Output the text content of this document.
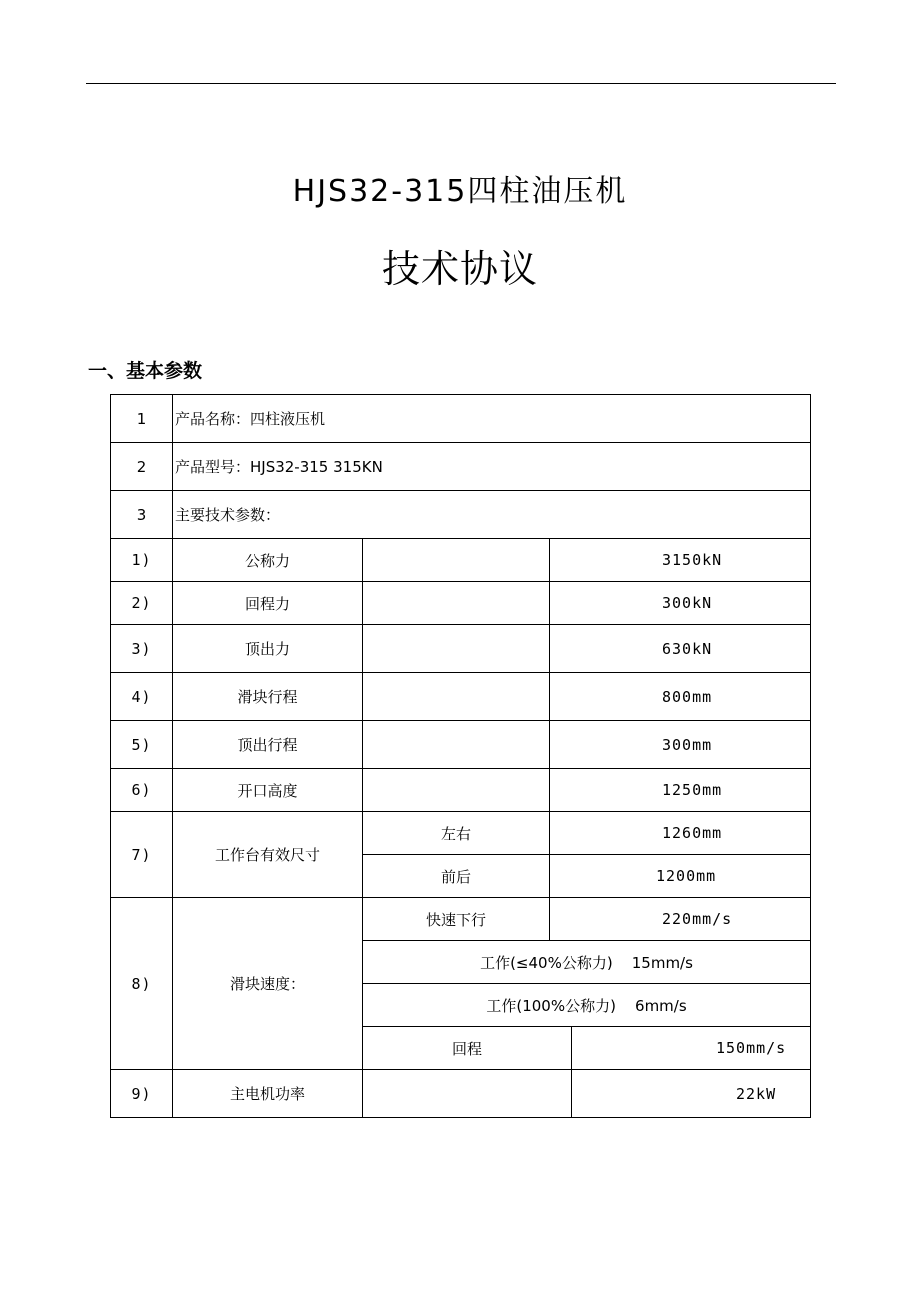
HJS32-315四柱油压机
技术协议
一、基本参数
1	产品名称：四柱液压机			
2	产品型号：HJS32-315 315KN			
3	主要技术参数：			
1)	公称力		3150kN	
2)	回程力		300kN	
3)	顶出力		630kN	
4)	滑块行程		800mm	
5)	顶出行程		300mm	
6)	开口高度		1250mm	
7)	工作台有效尺寸	左右	1260mm	
		前后	1200mm	
8)	滑块速度：	快速下行	220mm/s	
		工作(≤40%公称力)    15mm/s		
		工作(100%公称力)    6mm/s		
		回程		150mm/s
9)	主电机功率			22kW
